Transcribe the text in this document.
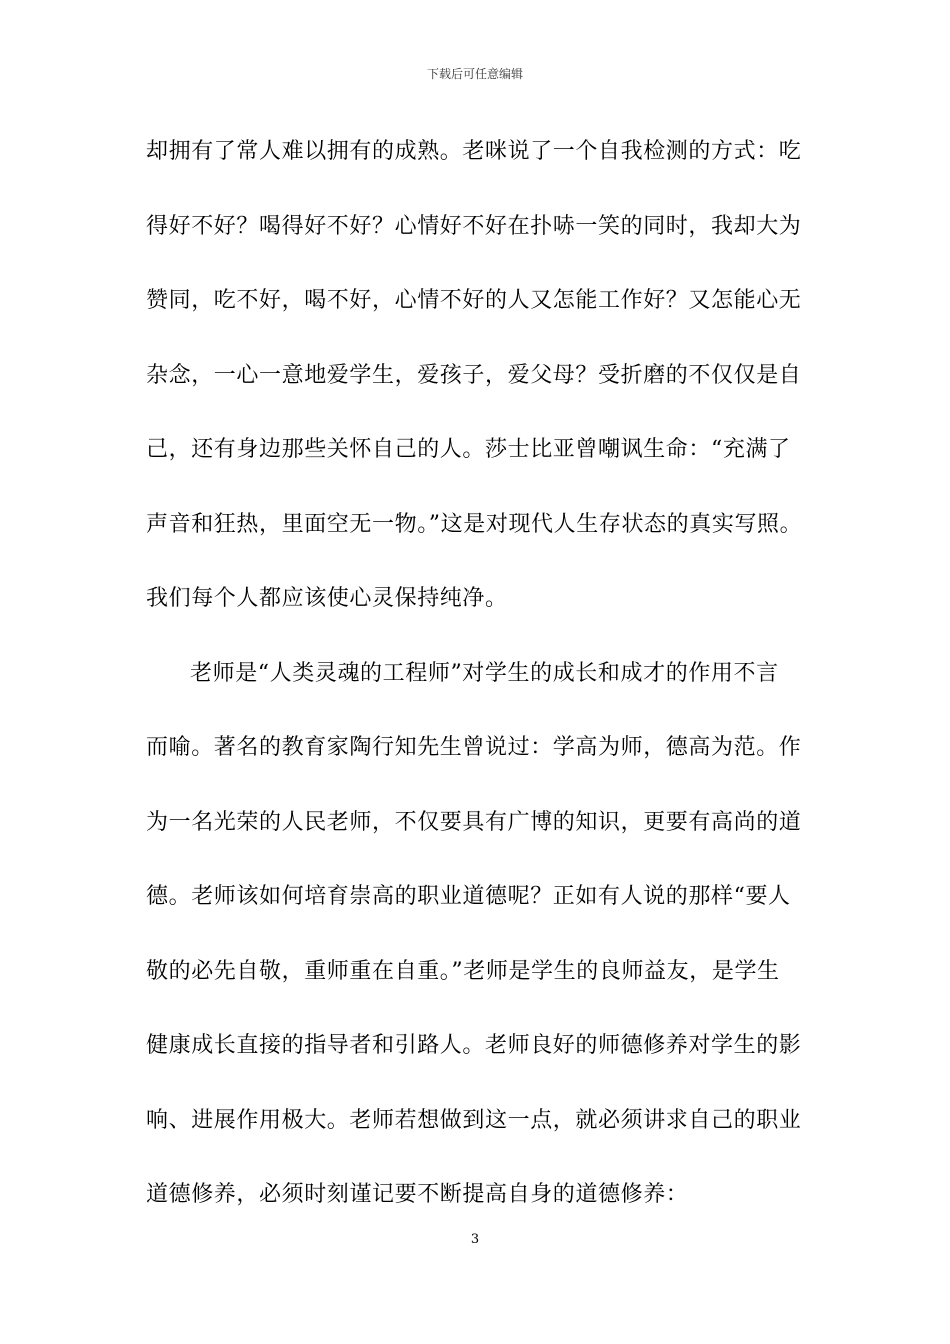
下载后可任意编辑
却拥有了常人难以拥有的成熟。老咪说了一个自我检测的方式：吃
得好不好？喝得好不好？心情好不好在扑哧一笑的同时，我却大为
赞同，吃不好，喝不好，心情不好的人又怎能工作好？又怎能心无
杂念，一心一意地爱学生，爱孩子，爱父母？受折磨的不仅仅是自
己，还有身边那些关怀自己的人。莎士比亚曾嘲讽生命：“充满了
声音和狂热，里面空无一物。”这是对现代人生存状态的真实写照。
我们每个人都应该使心灵保持纯净。
老师是“人类灵魂的工程师”对学生的成长和成才的作用不言
而喻。著名的教育家陶行知先生曾说过：学高为师，德高为范。作
为一名光荣的人民老师，不仅要具有广博的知识，更要有高尚的道
德。老师该如何培育崇高的职业道德呢？正如有人说的那样“要人
敬的必先自敬，重师重在自重。”老师是学生的良师益友，是学生
健康成长直接的指导者和引路人。老师良好的师德修养对学生的影
响、进展作用极大。老师若想做到这一点，就必须讲求自己的职业
道德修养，必须时刻谨记要不断提高自身的道德修养：
3
